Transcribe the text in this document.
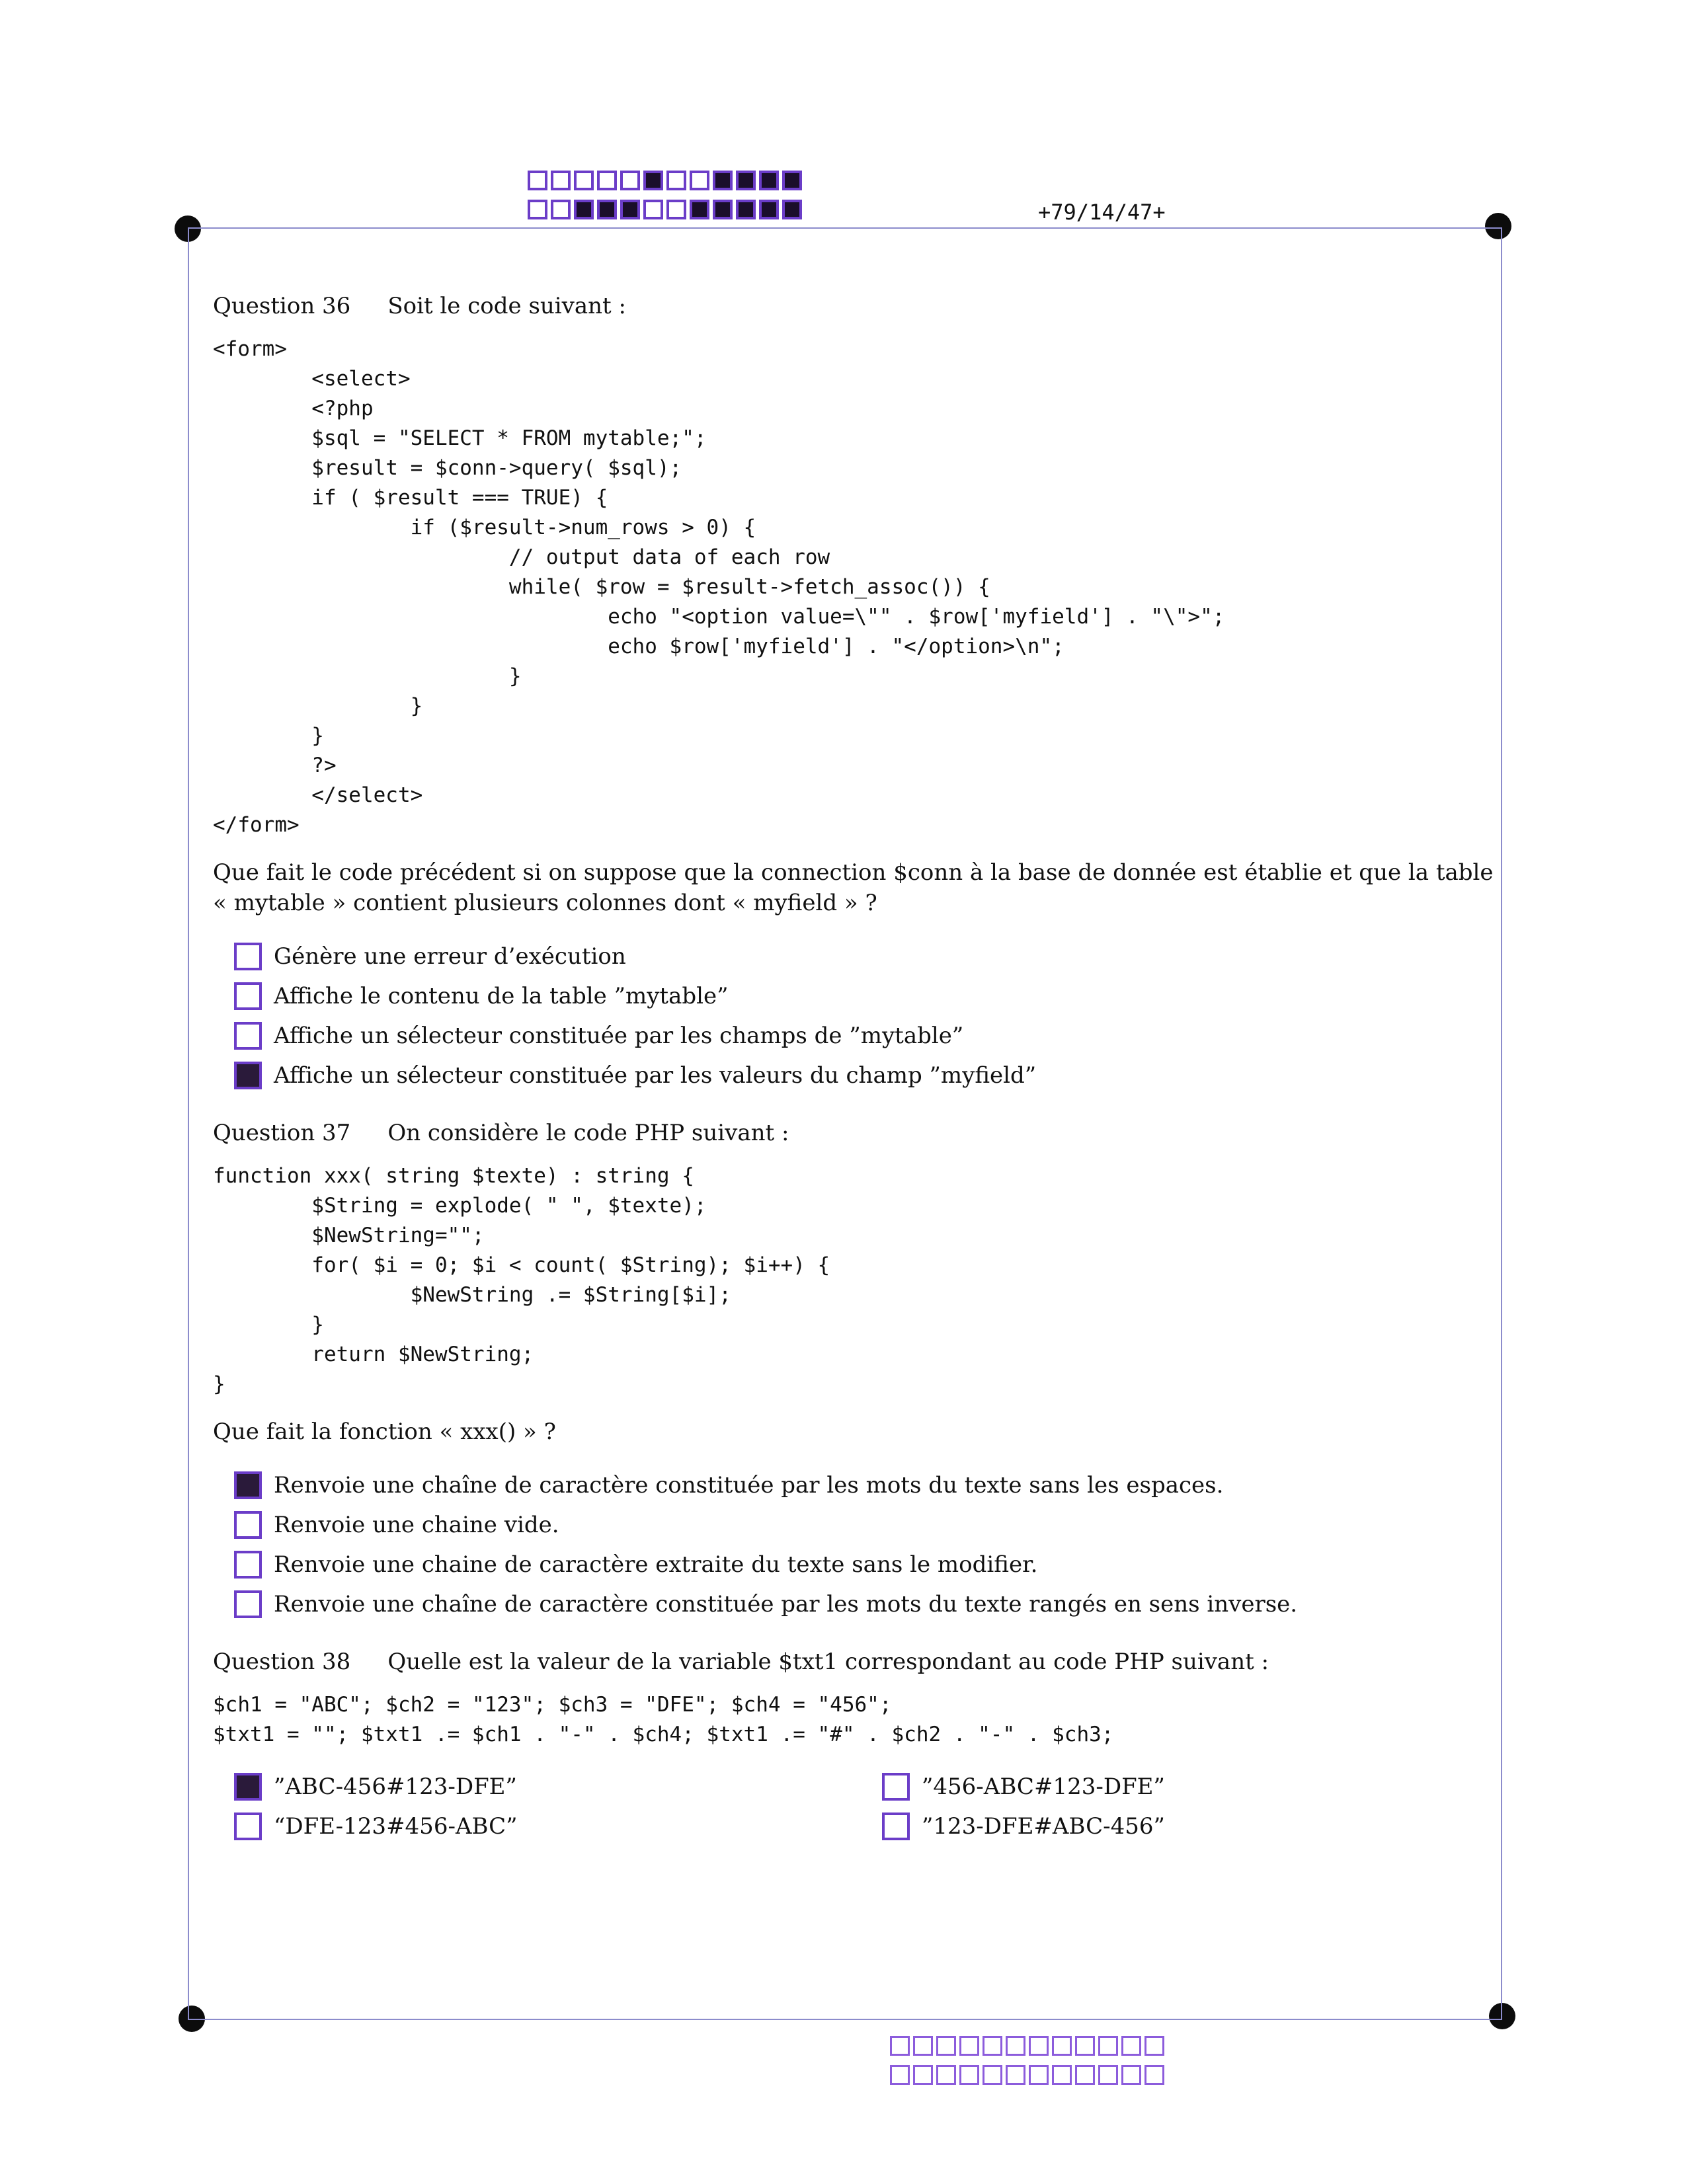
+79/14/47+
Question 36 Soit le code suivant :
<form>
<select>
<?php
$sql = "SELECT * FROM mytable;";
$result = $conn->query( $sql);
if ( $result === TRUE) {
if ($result->num_rows > 0) {
// output data of each row
while( $row = $result->fetch_assoc()) {
echo "<option value=\"" . $row['myfield'] . "\">";
echo $row['myfield'] . "</option>\n";
}
}
}
?>
</select>
</form>
Que fait le code précédent si on suppose que la connection $conn à la base de donnée est établie et que la table « mytable » contient plusieurs colonnes dont « myfield » ?
Génère une erreur d’exécution
Affiche le contenu de la table ”mytable”
Affiche un sélecteur constituée par les champs de ”mytable”
Affiche un sélecteur constituée par les valeurs du champ ”myfield”
Question 37 On considère le code PHP suivant :
function xxx( string $texte) : string {
$String = explode( " ", $texte);
$NewString="";
for( $i = 0; $i < count( $String); $i++) {
$NewString .= $String[$i];
}
return $NewString;
}
Que fait la fonction « xxx() » ?
Renvoie une chaîne de caractère constituée par les mots du texte sans les espaces.
Renvoie une chaine vide.
Renvoie une chaine de caractère extraite du texte sans le modifier.
Renvoie une chaîne de caractère constituée par les mots du texte rangés en sens inverse.
Question 38 Quelle est la valeur de la variable $txt1 correspondant au code PHP suivant :
$ch1 = "ABC"; $ch2 = "123"; $ch3 = "DFE"; $ch4 = "456";
$txt1 = ""; $txt1 .= $ch1 . "-" . $ch4; $txt1 .= "#" . $ch2 . "-" . $ch3;
”ABC-456#123-DFE”	”456-ABC#123-DFE”
“DFE-123#456-ABC”	”123-DFE#ABC-456”
